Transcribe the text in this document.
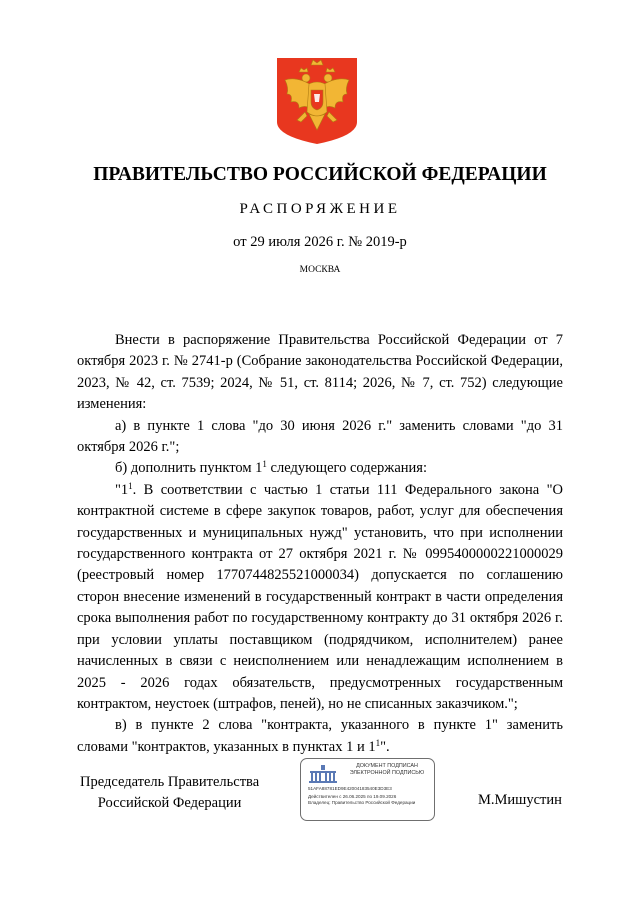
ПРАВИТЕЛЬСТВО РОССИЙСКОЙ ФЕДЕРАЦИИ
РАСПОРЯЖЕНИЕ
от 29 июля 2026 г. № 2019-р
МОСКВА

Внести в распоряжение Правительства Российской Федерации от 7 октября 2023 г. № 2741-р (Собрание законодательства Российской Федерации, 2023, № 42, ст. 7539; 2024, № 51, ст. 8114; 2026, № 7, ст. 752) следующие изменения:

а) в пункте 1 слова "до 30 июня 2026 г." заменить словами "до 31 октября 2026 г.";

б) дополнить пунктом $1^1$ следующего содержания:

"$1^1$. В соответствии с частью 1 статьи 111 Федерального закона "О контрактной системе в сфере закупок товаров, работ, услуг для обеспечения государственных и муниципальных нужд" установить, что при исполнении государственного контракта от 27 октября 2021 г. № 0995400000221000029 (реестровый номер 1770744825521000034) допускается по соглашению сторон внесение изменений в государственный контракт в части определения срока выполнения работ по государственному контракту до 31 октября 2026 г. при условии уплаты поставщиком (подрядчиком, исполнителем) ранее начисленных в связи с неисполнением или ненадлежащим исполнением в 2025 - 2026 годах обязательств, предусмотренных государственным контрактом, неустоек (штрафов, пеней), но не списанных заказчиком.";

в) в пункте 2 слова "контракта, указанного в пункте 1" заменить словами "контрактов, указанных в пунктах 1 и $1^1$".

Председатель Правительства
Российской Федерации
ДОКУМЕНТ ПОДПИСАН
ЭЛЕКТРОННОЙ ПОДПИСЬЮ
51AFA88781ED9E42004183540E3D3E3
Действителен с 26.06.2025 по 19.09.2026
Владелец: Правительство Российской Федерации	М.Мишустин
